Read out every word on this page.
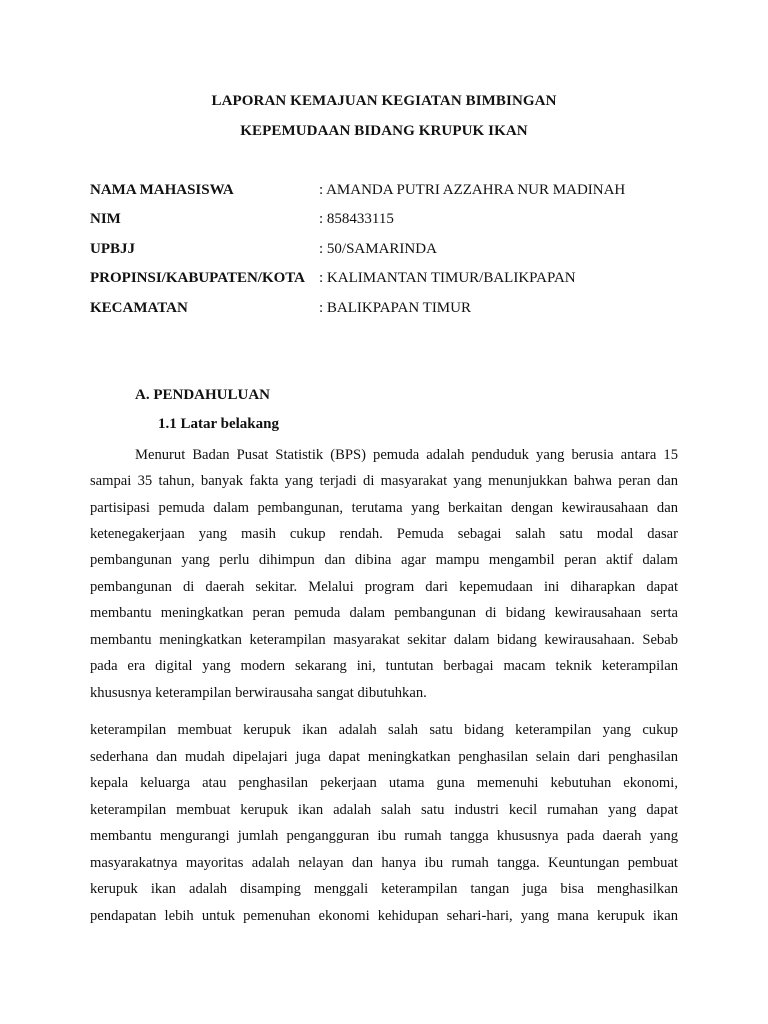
LAPORAN KEMAJUAN KEGIATAN BIMBINGAN
KEPEMUDAAN BIDANG KRUPUK IKAN
NAMA MAHASISWA	: AMANDA PUTRI AZZAHRA NUR MADINAH
NIM	: 858433115
UPBJJ	: 50/SAMARINDA
PROPINSI/KABUPATEN/KOTA : KALIMANTAN TIMUR/BALIKPAPAN
KECAMATAN	: BALIKPAPAN TIMUR
A. PENDAHULUAN
1.1 Latar belakang
Menurut Badan Pusat Statistik (BPS) pemuda adalah penduduk yang berusia antara 15
sampai 35 tahun, banyak fakta yang terjadi di masyarakat yang menunjukkan bahwa peran dan
partisipasi pemuda dalam pembangunan, terutama yang berkaitan dengan kewirausahaan dan
ketenegakerjaan yang masih cukup rendah. Pemuda sebagai salah satu modal dasar
pembangunan yang perlu dihimpun dan dibina agar mampu mengambil peran aktif dalam
pembangunan di daerah sekitar. Melalui program dari kepemudaan ini diharapkan dapat
membantu meningkatkan peran pemuda dalam pembangunan di bidang kewirausahaan serta
membantu meningkatkan keterampilan masyarakat sekitar dalam bidang kewirausahaan. Sebab
pada era digital yang modern sekarang ini, tuntutan berbagai macam teknik keterampilan
khususnya keterampilan berwirausaha sangat dibutuhkan.
keterampilan membuat kerupuk ikan adalah salah satu bidang keterampilan yang cukup
sederhana dan mudah dipelajari juga dapat meningkatkan penghasilan selain dari penghasilan
kepala keluarga atau penghasilan pekerjaan utama guna memenuhi kebutuhan ekonomi,
keterampilan membuat kerupuk ikan adalah salah satu industri kecil rumahan yang dapat
membantu mengurangi jumlah pengangguran ibu rumah tangga khususnya pada daerah yang
masyarakatnya mayoritas adalah nelayan dan hanya ibu rumah tangga. Keuntungan pembuat
kerupuk ikan adalah disamping menggali keterampilan tangan juga bisa menghasilkan
pendapatan lebih untuk pemenuhan ekonomi kehidupan sehari-hari, yang mana kerupuk ikan
